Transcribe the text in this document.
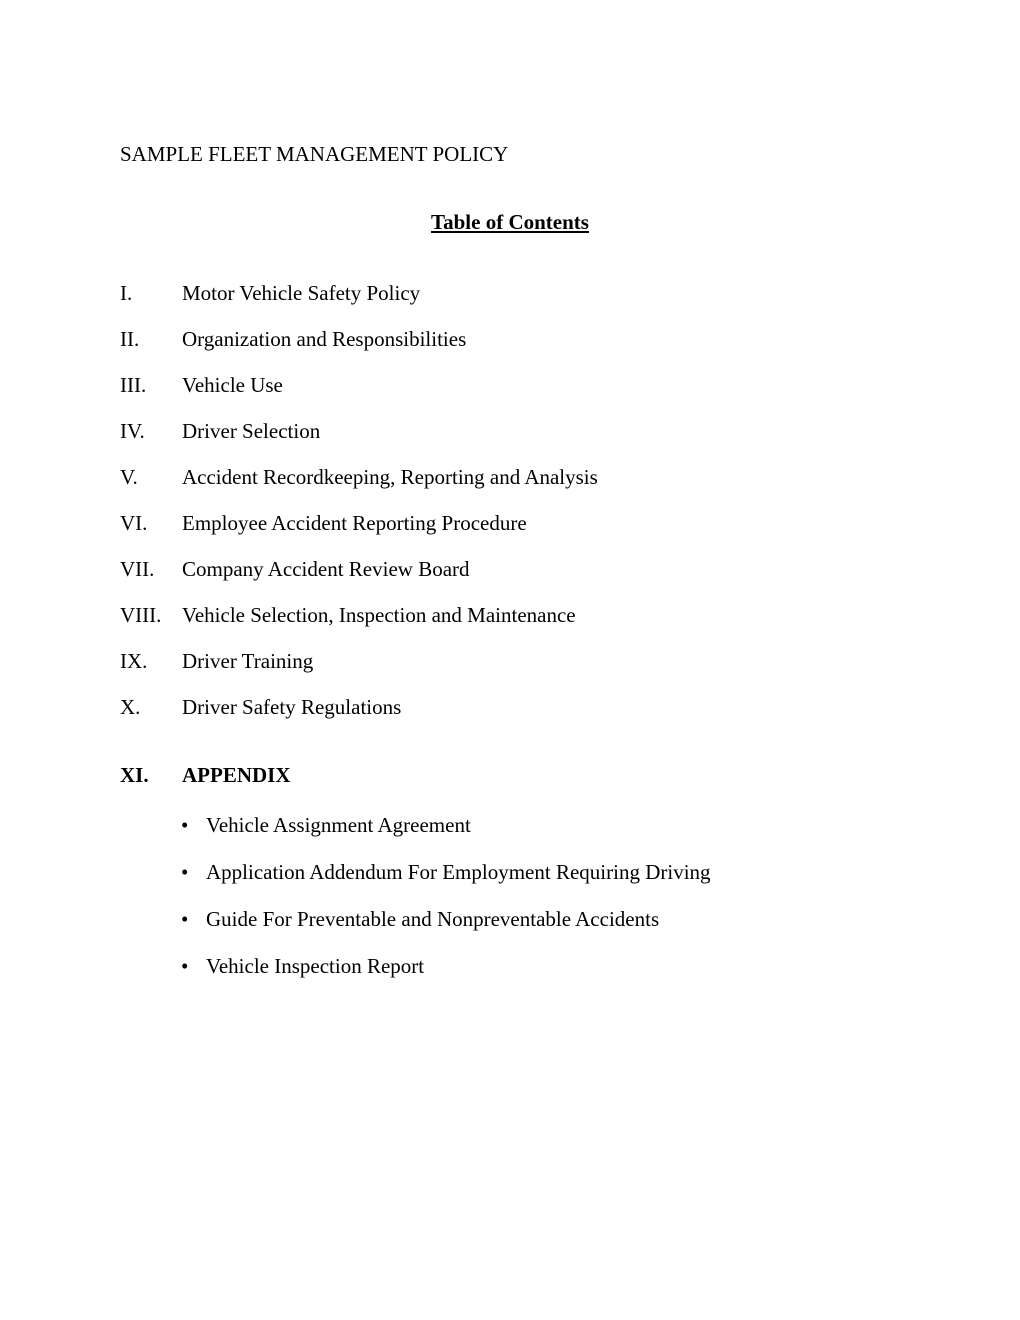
SAMPLE FLEET MANAGEMENT POLICY
Table of Contents
I.	Motor Vehicle Safety Policy
II.	Organization and Responsibilities
III.	Vehicle Use
IV.	Driver Selection
V.	Accident Recordkeeping, Reporting and Analysis
VI.	Employee Accident Reporting Procedure
VII.	Company Accident Review Board
VIII. Vehicle Selection, Inspection and Maintenance
IX.	Driver Training
X.	Driver Safety Regulations
XI.	APPENDIX
• Vehicle Assignment Agreement
• Application Addendum For Employment Requiring Driving
• Guide For Preventable and Nonpreventable Accidents
• Vehicle Inspection Report
